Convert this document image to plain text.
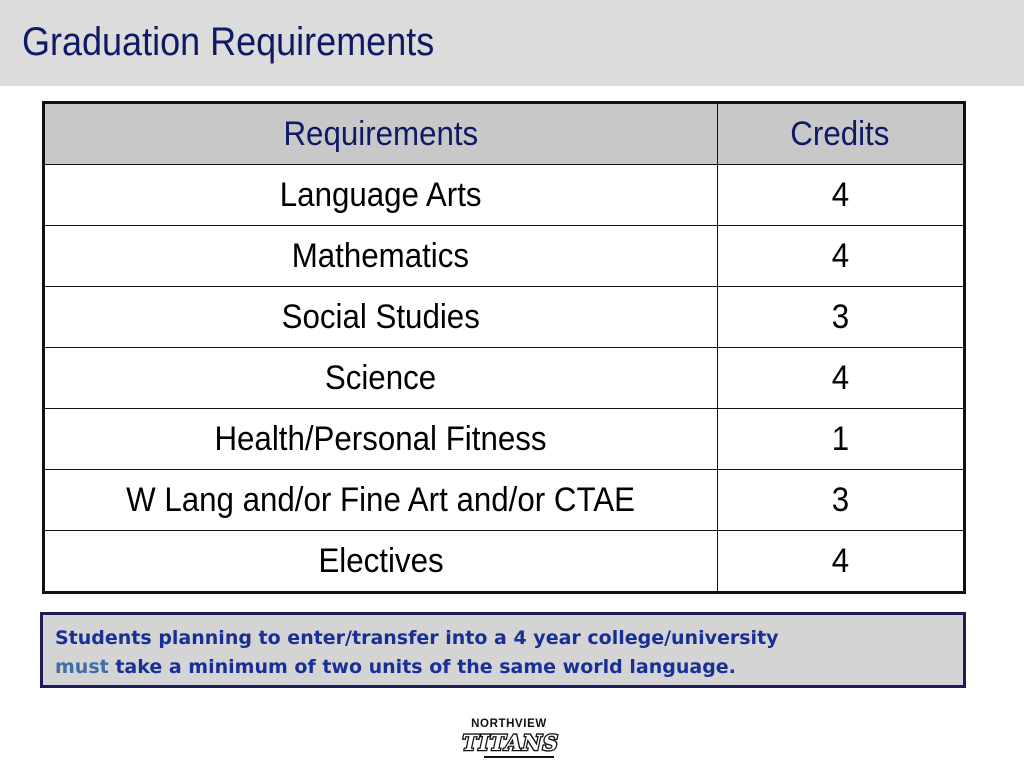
Graduation Requirements
Requirements	Credits
Language Arts	4
Mathematics	4
Social Studies	3
Science	4
Health/Personal Fitness	1
W Lang and/or Fine Art and/or CTAE	3
Electives	4

Students planning to enter/transfer into a 4 year college/university
must take a minimum of two units of the same world language.

NORTHVIEW
TITANS
